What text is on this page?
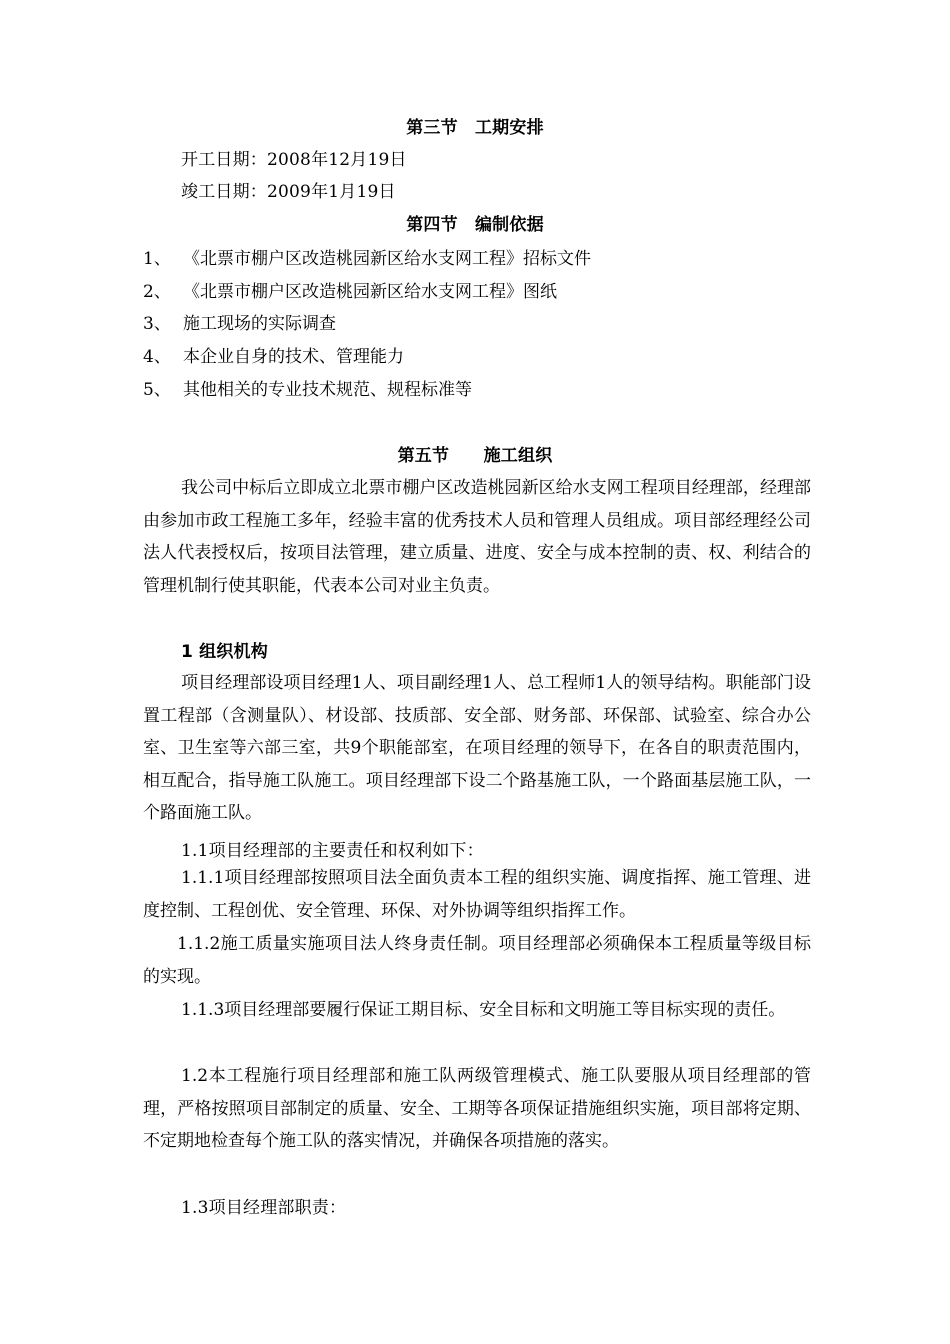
第三节　工期安排
开工日期：2008年12月19日
竣工日期：2009年1月19日
第四节　编制依据
1、 《北票市棚户区改造桃园新区给水支网工程》招标文件
2、 《北票市棚户区改造桃园新区给水支网工程》图纸
3、 施工现场的实际调查
4、 本企业自身的技术、管理能力
5、 其他相关的专业技术规范、规程标准等
第五节　　施工组织
我公司中标后立即成立北票市棚户区改造桃园新区给水支网工程项目经理部，经理部由参加市政工程施工多年，经验丰富的优秀技术人员和管理人员组成。项目部经理经公司法人代表授权后，按项目法管理，建立质量、进度、安全与成本控制的责、权、利结合的管理机制行使其职能，代表本公司对业主负责。
1 组织机构
项目经理部设项目经理1人、项目副经理1人、总工程师1人的领导结构。职能部门设置工程部（含测量队）、材设部、技质部、安全部、财务部、环保部、试验室、综合办公室、卫生室等六部三室，共9个职能部室，在项目经理的领导下，在各自的职责范围内，相互配合，指导施工队施工。项目经理部下设二个路基施工队，一个路面基层施工队，一个路面施工队。
1.1项目经理部的主要责任和权利如下：
1.1.1项目经理部按照项目法全面负责本工程的组织实施、调度指挥、施工管理、进度控制、工程创优、安全管理、环保、对外协调等组织指挥工作。
1.1.2施工质量实施项目法人终身责任制。项目经理部必须确保本工程质量等级目标的实现。
1.1.3项目经理部要履行保证工期目标、安全目标和文明施工等目标实现的责任。
1.2本工程施行项目经理部和施工队两级管理模式、施工队要服从项目经理部的管理，严格按照项目部制定的质量、安全、工期等各项保证措施组织实施，项目部将定期、不定期地检查每个施工队的落实情况，并确保各项措施的落实。
1.3项目经理部职责：
